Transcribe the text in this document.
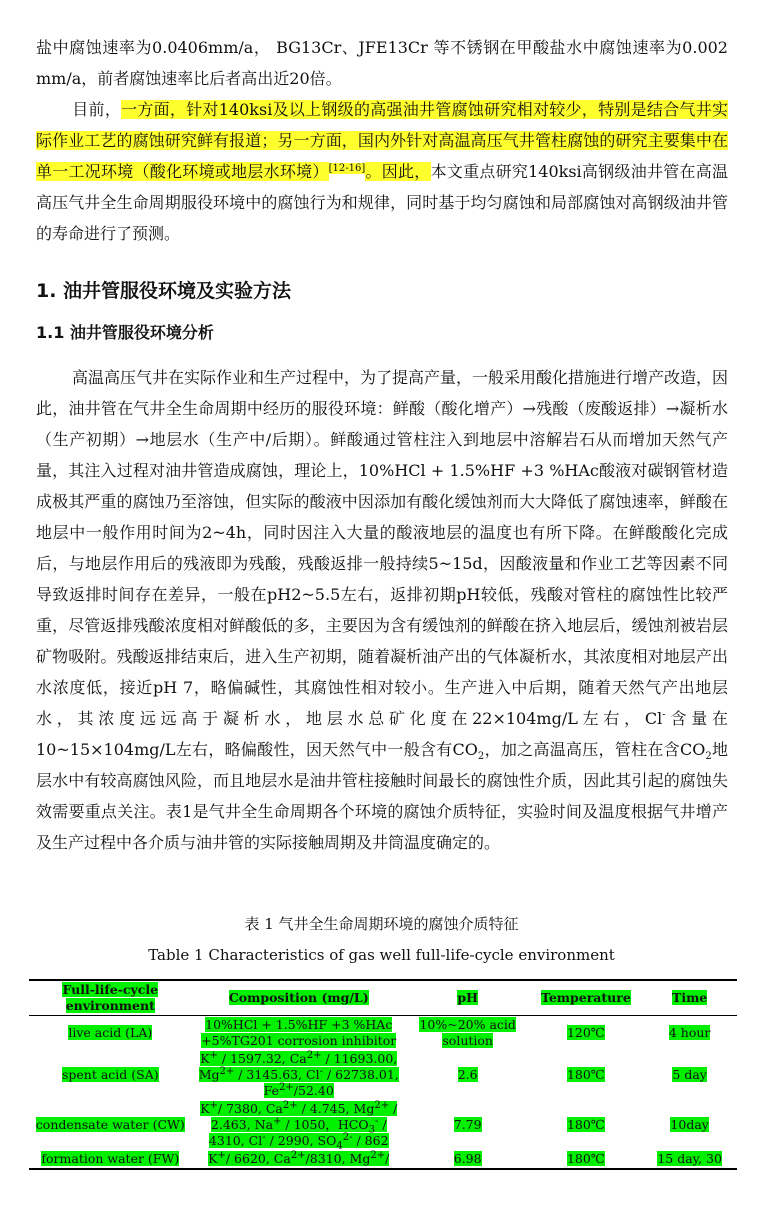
盐中腐蚀速率为0.0406mm/a， BG13Cr、JFE13Cr 等不锈钢在甲酸盐水中腐蚀速率为0.002 mm/a，前者腐蚀速率比后者高出近20倍。

目前，一方面，针对140ksi及以上钢级的高强油井管腐蚀研究相对较少，特别是结合气井实际作业工艺的腐蚀研究鲜有报道；另一方面，国内外针对高温高压气井管柱腐蚀的研究主要集中在单一工况环境（酸化环境或地层水环境）[12-16]。因此，本文重点研究140ksi高钢级油井管在高温高压气井全生命周期服役环境中的腐蚀行为和规律，同时基于均匀腐蚀和局部腐蚀对高钢级油井管的寿命进行了预测。

1. 油井管服役环境及实验方法
1.1 油井管服役环境分析

高温高压气井在实际作业和生产过程中，为了提高产量，一般采用酸化措施进行增产改造，因此，油井管在气井全生命周期中经历的服役环境：鲜酸（酸化增产）→残酸（废酸返排）→凝析水（生产初期）→地层水（生产中/后期）。鲜酸通过管柱注入到地层中溶解岩石从而增加天然气产量，其注入过程对油井管造成腐蚀，理论上，10%HCl + 1.5%HF +3 %HAc酸液对碳钢管材造成极其严重的腐蚀乃至溶蚀，但实际的酸液中因添加有酸化缓蚀剂而大大降低了腐蚀速率，鲜酸在地层中一般作用时间为2~4h，同时因注入大量的酸液地层的温度也有所下降。在鲜酸酸化完成后，与地层作用后的残液即为残酸，残酸返排一般持续5~15d，因酸液量和作业工艺等因素不同导致返排时间存在差异，一般在pH2~5.5左右，返排初期pH较低，残酸对管柱的腐蚀性比较严重，尽管返排残酸浓度相对鲜酸低的多，主要因为含有缓蚀剂的鲜酸在挤入地层后，缓蚀剂被岩层矿物吸附。残酸返排结束后，进入生产初期，随着凝析油产出的气体凝析水，其浓度相对地层产出水浓度低，接近pH 7，略偏碱性，其腐蚀性相对较小。生产进入中后期，随着天然气产出地层水，其浓度远远高于凝析水，地层水总矿化度在22×104mg/L左右，Cl-含量在10~15×104mg/L左右，略偏酸性，因天然气中一般含有$CO_2$，加之高温高压，管柱在含$CO_2$地层水中有较高腐蚀风险，而且地层水是油井管柱接触时间最长的腐蚀性介质，因此其引起的腐蚀失效需要重点关注。表1是气井全生命周期各个环境的腐蚀介质特征，实验时间及温度根据气井增产及生产过程中各介质与油井管的实际接触周期及井筒温度确定的。

表 1 气井全生命周期环境的腐蚀介质特征

Table 1 Characteristics of gas well full-life-cycle environment

Full-life-cycle environment	Composition (mg/L)	pH	Temperature	Time
live acid (LA)	10%HCl + 1.5%HF +3 %HAc +5%TG201 corrosion inhibitor	10%~20% acid solution	120℃	4 hour
spent acid (SA)	K+ / 1597.32, $Ca^{2+} / 11693.00$, $Mg^{2+} / 3145.63$, Cl- / 62738.01, $Fe^{2+}/52.40$	2.6	180℃	5 day
condensate water (CW)	K+/ 7380, $Ca^{2+} / 4.745$, $Mg^{2+} / 2.463$, Na+ / 1050，$HCO_3^- / 4310$, Cl- / 2990, $SO_4^{2-} / 862$	7.79	180℃	10day
formation water (FW)	K+/ 6620, $Ca^{2+}/8310$, $Mg^{2+}/$	6.98	180℃	15 day, 30
